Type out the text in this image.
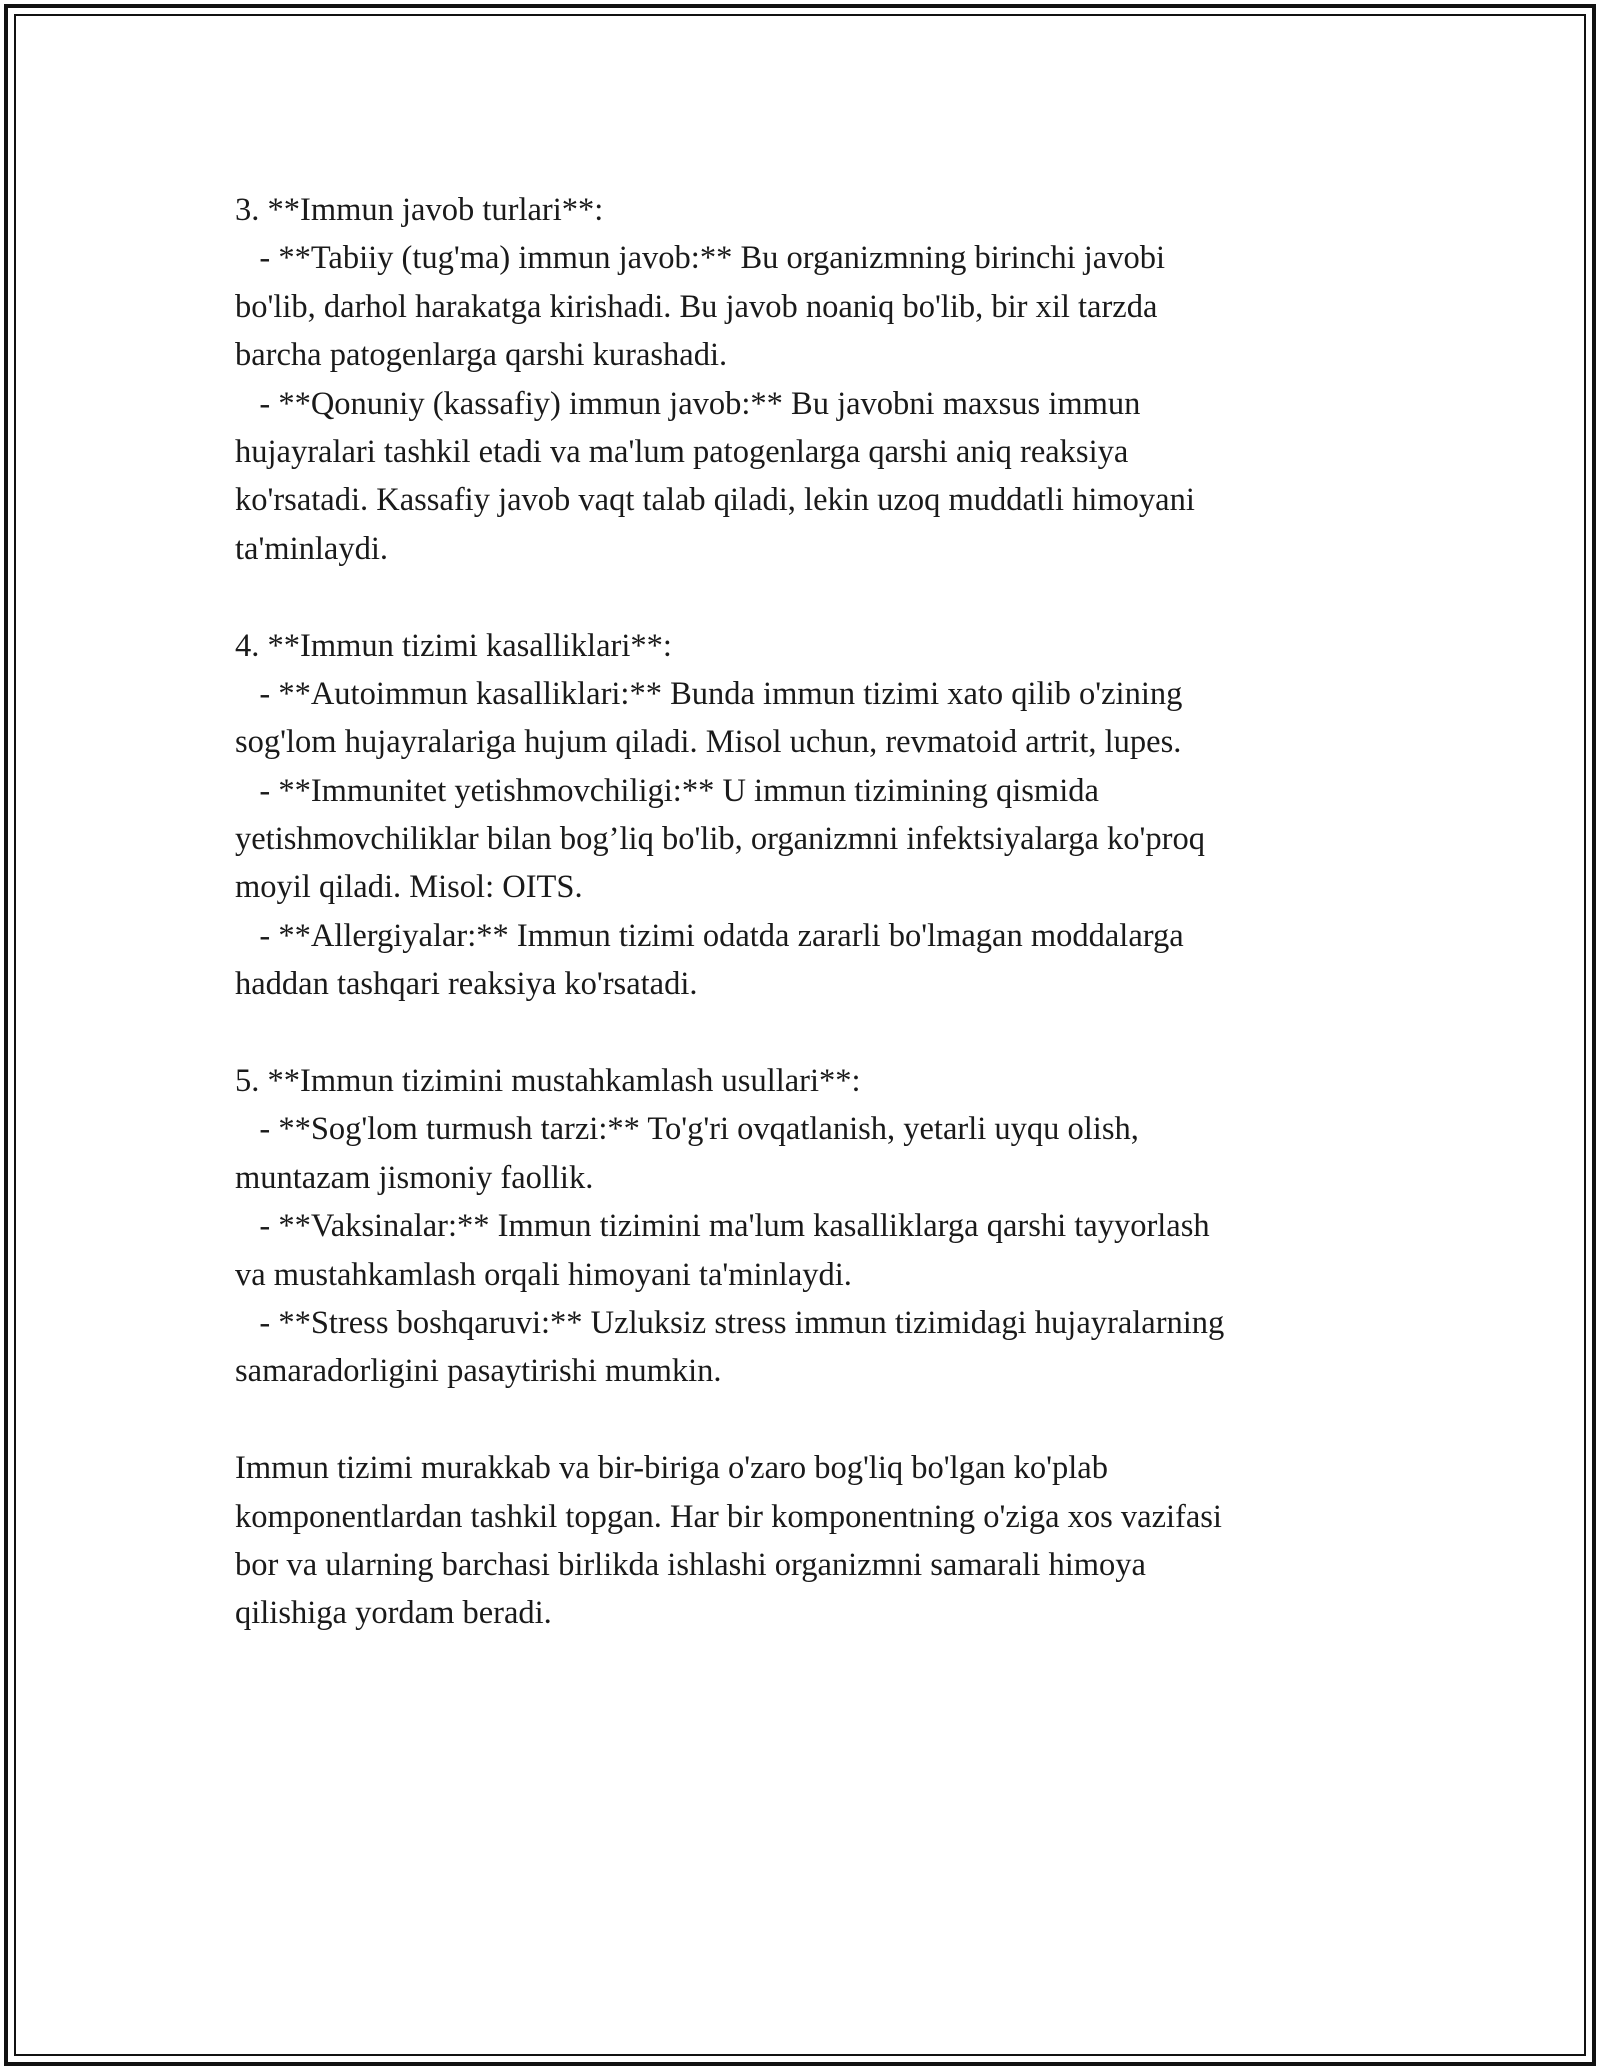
3. **Immun javob turlari**:
- **Tabiiy (tug'ma) immun javob:** Bu organizmning birinchi javobi
bo'lib, darhol harakatga kirishadi. Bu javob noaniq bo'lib, bir xil tarzda
barcha patogenlarga qarshi kurashadi.
- **Qonuniy (kassafiy) immun javob:** Bu javobni maxsus immun
hujayralari tashkil etadi va ma'lum patogenlarga qarshi aniq reaksiya
ko'rsatadi. Kassafiy javob vaqt talab qiladi, lekin uzoq muddatli himoyani
ta'minlaydi.
4. **Immun tizimi kasalliklari**:
- **Autoimmun kasalliklari:** Bunda immun tizimi xato qilib o'zining
sog'lom hujayralariga hujum qiladi. Misol uchun, revmatoid artrit, lupes.
- **Immunitet yetishmovchiligi:** U immun tizimining qismida
yetishmovchiliklar bilan bog’liq bo'lib, organizmni infektsiyalarga ko'proq
moyil qiladi. Misol: OITS.
- **Allergiyalar:** Immun tizimi odatda zararli bo'lmagan moddalarga
haddan tashqari reaksiya ko'rsatadi.
5. **Immun tizimini mustahkamlash usullari**:
- **Sog'lom turmush tarzi:** To'g'ri ovqatlanish, yetarli uyqu olish,
muntazam jismoniy faollik.
- **Vaksinalar:** Immun tizimini ma'lum kasalliklarga qarshi tayyorlash
va mustahkamlash orqali himoyani ta'minlaydi.
- **Stress boshqaruvi:** Uzluksiz stress immun tizimidagi hujayralarning
samaradorligini pasaytirishi mumkin.
Immun tizimi murakkab va bir-biriga o'zaro bog'liq bo'lgan ko'plab
komponentlardan tashkil topgan. Har bir komponentning o'ziga xos vazifasi
bor va ularning barchasi birlikda ishlashi organizmni samarali himoya
qilishiga yordam beradi.
